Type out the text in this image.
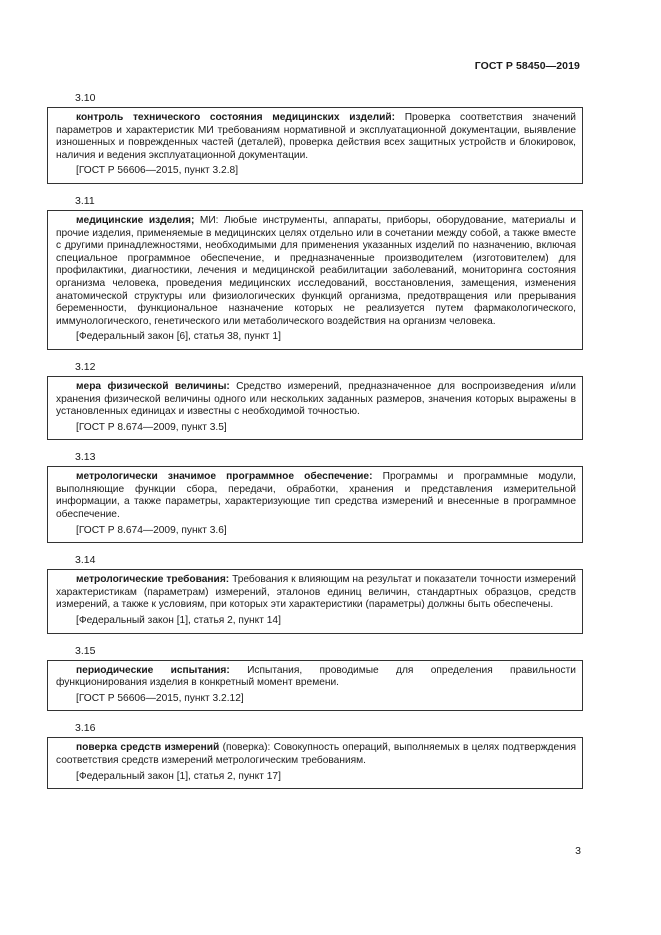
ГОСТ Р 58450—2019
3.10

контроль технического состояния медицинских изделий: Проверка соответствия значений параметров и характеристик МИ требованиям нормативной и эксплуатационной документации, выявление изношенных и поврежденных частей (деталей), проверка действия всех защитных устройств и блокировок, наличия и ведения эксплуатационной документации.

[ГОСТ Р 56606—2015, пункт 3.2.8]

3.11

медицинские изделия; МИ: Любые инструменты, аппараты, приборы, оборудование, материалы и прочие изделия, применяемые в медицинских целях отдельно или в сочетании между собой, а также вместе с другими принадлежностями, необходимыми для применения указанных изделий по назначению, включая специальное программное обеспечение, и предназначенные производителем (изготовителем) для профилактики, диагностики, лечения и медицинской реабилитации заболеваний, мониторинга состояния организма человека, проведения медицинских исследований, восстановления, замещения, изменения анатомической структуры или физиологических функций организма, предотвращения или прерывания беременности, функциональное назначение которых не реализуется путем фармакологического, иммунологического, генетического или метаболического воздействия на организм человека.

[Федеральный закон [6], статья 38, пункт 1]

3.12

мера физической величины: Средство измерений, предназначенное для воспроизведения и/или хранения физической величины одного или нескольких заданных размеров, значения которых выражены в установленных единицах и известны с необходимой точностью.

[ГОСТ Р 8.674—2009, пункт 3.5]

3.13

метрологически значимое программное обеспечение: Программы и программные модули, выполняющие функции сбора, передачи, обработки, хранения и представления измерительной информации, а также параметры, характеризующие тип средства измерений и внесенные в программное обеспечение.

[ГОСТ Р 8.674—2009, пункт 3.6]

3.14

метрологические требования: Требования к влияющим на результат и показатели точности измерений характеристикам (параметрам) измерений, эталонов единиц величин, стандартных образцов, средств измерений, а также к условиям, при которых эти характеристики (параметры) должны быть обеспечены.

[Федеральный закон [1], статья 2, пункт 14]

3.15

периодические испытания: Испытания, проводимые для определения правильности функционирования изделия в конкретный момент времени.

[ГОСТ Р 56606—2015, пункт 3.2.12]

3.16

поверка средств измерений (поверка): Совокупность операций, выполняемых в целях подтверждения соответствия средств измерений метрологическим требованиям.

[Федеральный закон [1], статья 2, пункт 17]

3
